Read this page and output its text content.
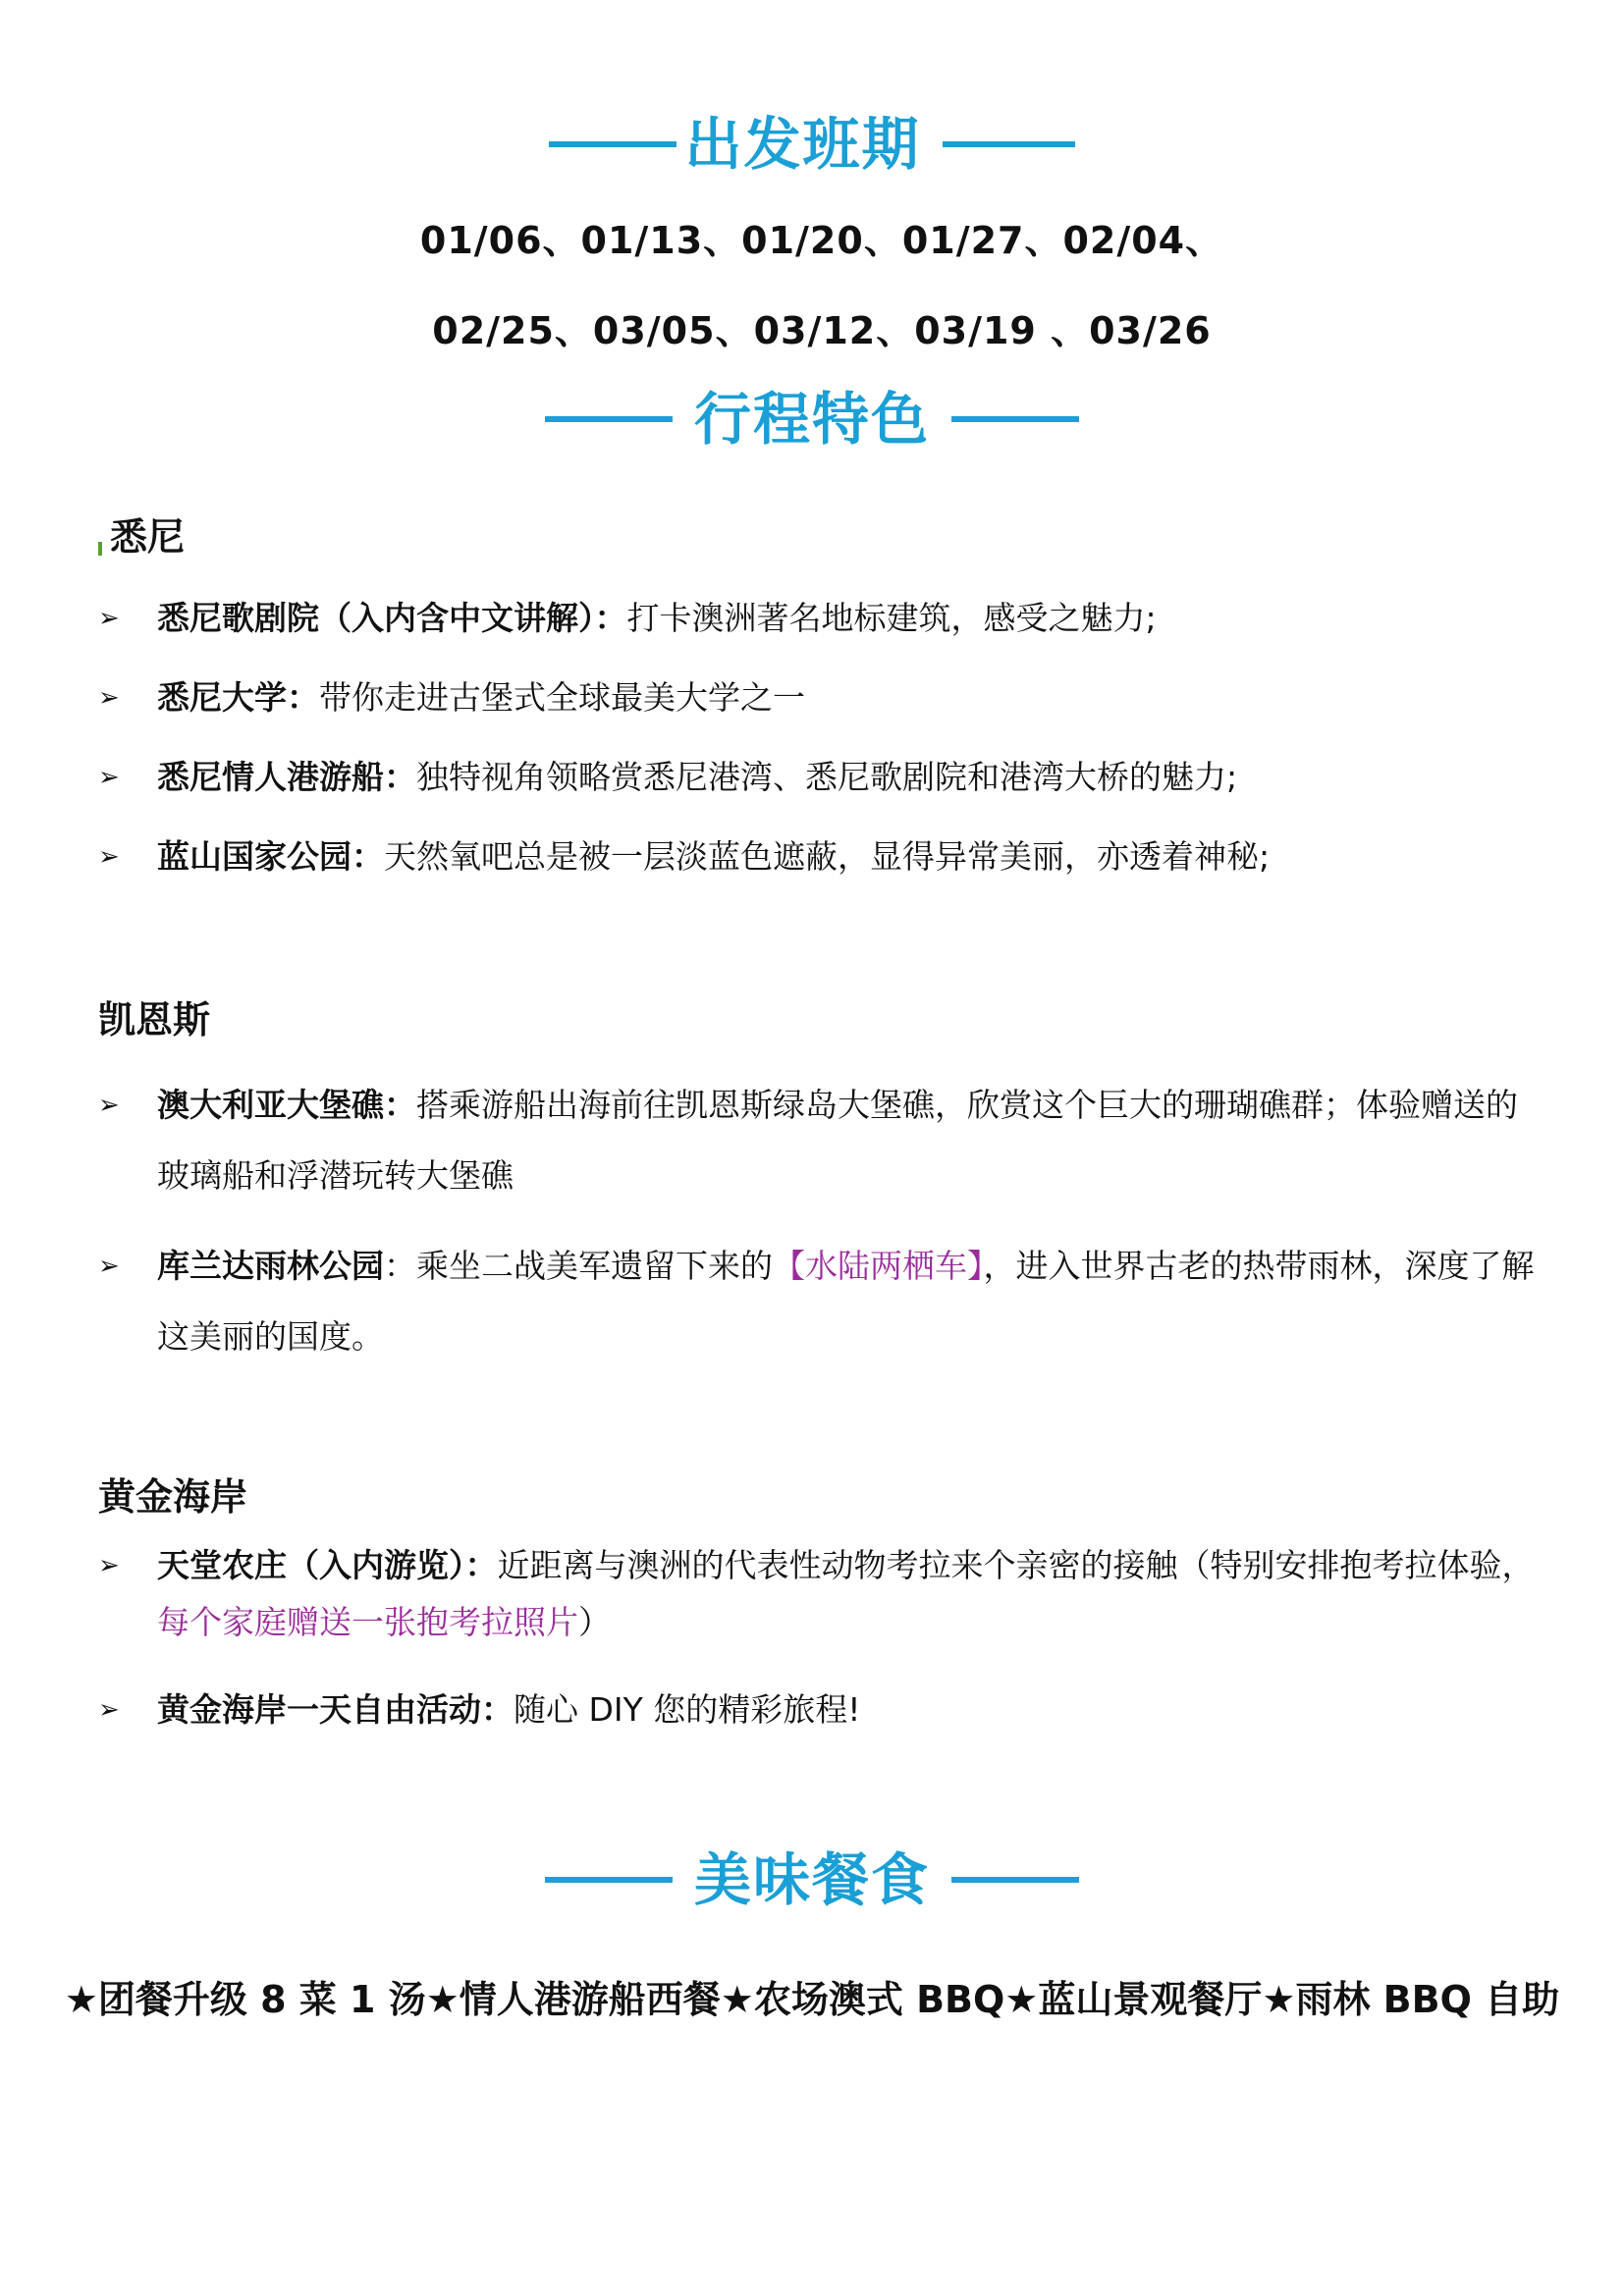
出发班期
01/06、01/13、01/20、01/27、02/04、
02/25、03/05、03/12、03/19 、03/26
行程特色
悉尼
➢	悉尼歌剧院（入内含中文讲解）：打卡澳洲著名地标建筑，感受之魅力;
➢	悉尼大学：带你走进古堡式全球最美大学之一
➢	悉尼情人港游船：独特视角领略赏悉尼港湾、悉尼歌剧院和港湾大桥的魅力;
➢	蓝山国家公园：天然氧吧总是被一层淡蓝色遮蔽，显得异常美丽，亦透着神秘;
凯恩斯
➢	澳大利亚大堡礁：搭乘游船出海前往凯恩斯绿岛大堡礁，欣赏这个巨大的珊瑚礁群；体验赠送的玻璃船和浮潜玩转大堡礁
➢	库兰达雨林公园：乘坐二战美军遗留下来的【水陆两栖车】，进入世界古老的热带雨林，深度了解这美丽的国度。
黄金海岸
➢	天堂农庄（入内游览）：近距离与澳洲的代表性动物考拉来个亲密的接触（特别安排抱考拉体验，每个家庭赠送一张抱考拉照片）
➢	黄金海岸一天自由活动：随心 DIY 您的精彩旅程!
美味餐食
★团餐升级 8 菜 1 汤★情人港游船西餐★农场澳式 BBQ★蓝山景观餐厅★雨林 BBQ 自助
